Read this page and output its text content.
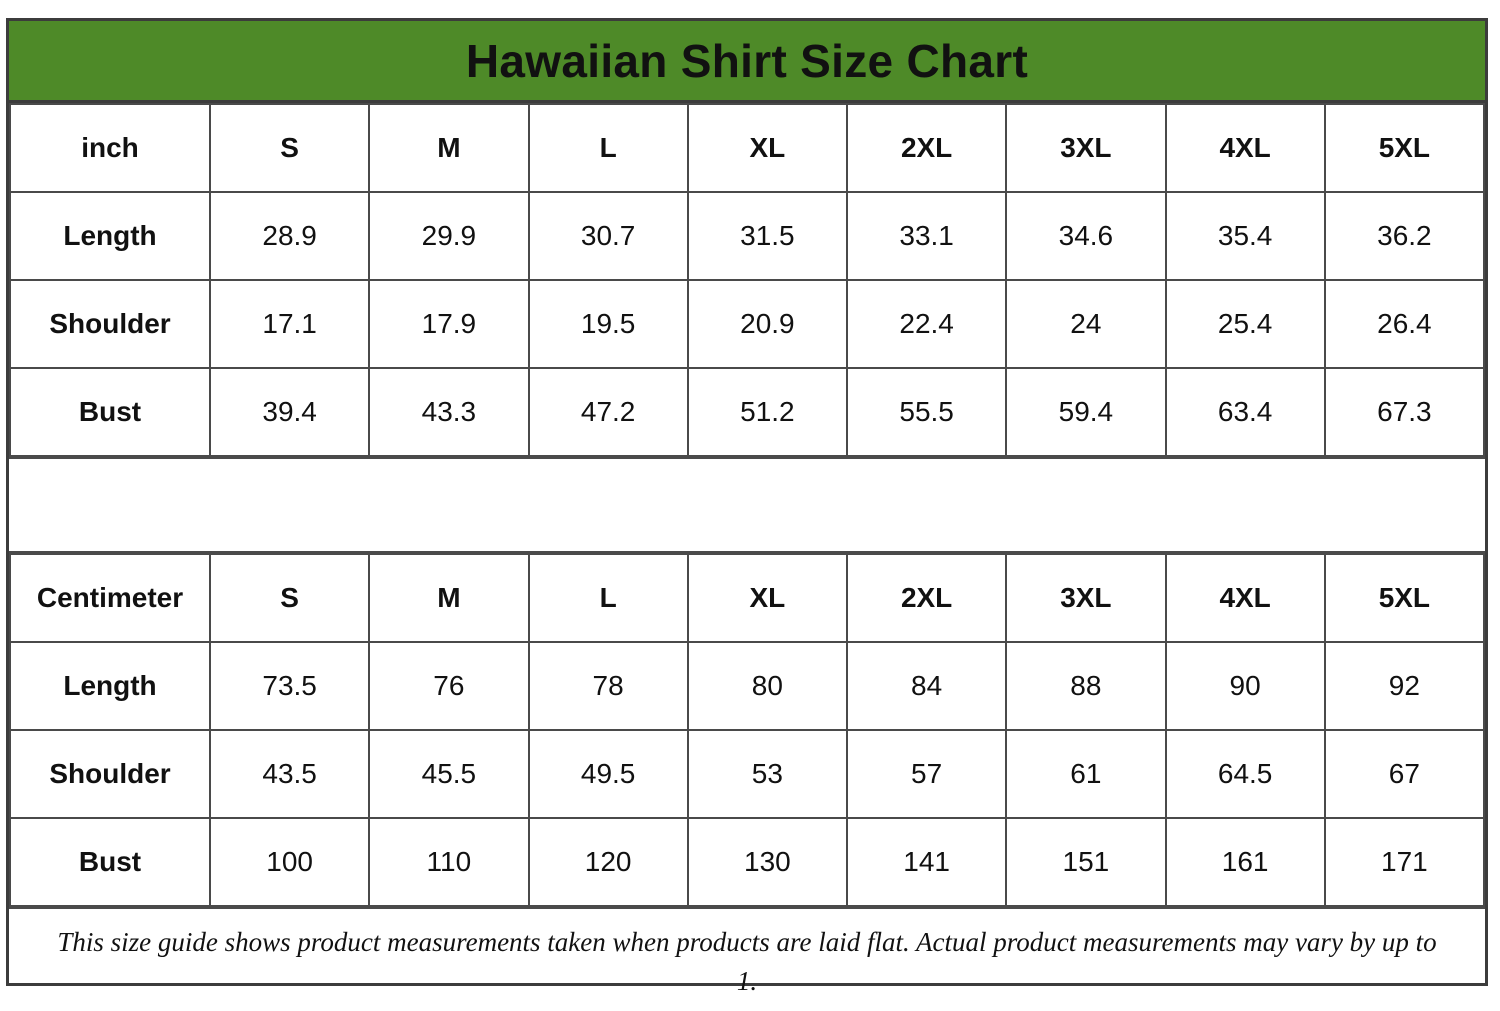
Hawaiian Shirt Size Chart
inch	S	M	L	XL	2XL	3XL	4XL	5XL
Length	28.9	29.9	30.7	31.5	33.1	34.6	35.4	36.2
Shoulder	17.1	17.9	19.5	20.9	22.4	24	25.4	26.4
Bust	39.4	43.3	47.2	51.2	55.5	59.4	63.4	67.3
Centimeter	S	M	L	XL	2XL	3XL	4XL	5XL
Length	73.5	76	78	80	84	88	90	92
Shoulder	43.5	45.5	49.5	53	57	61	64.5	67
Bust	100	110	120	130	141	151	161	171
This size guide shows product measurements taken when products are laid flat. Actual product measurements may vary by up to 1.
